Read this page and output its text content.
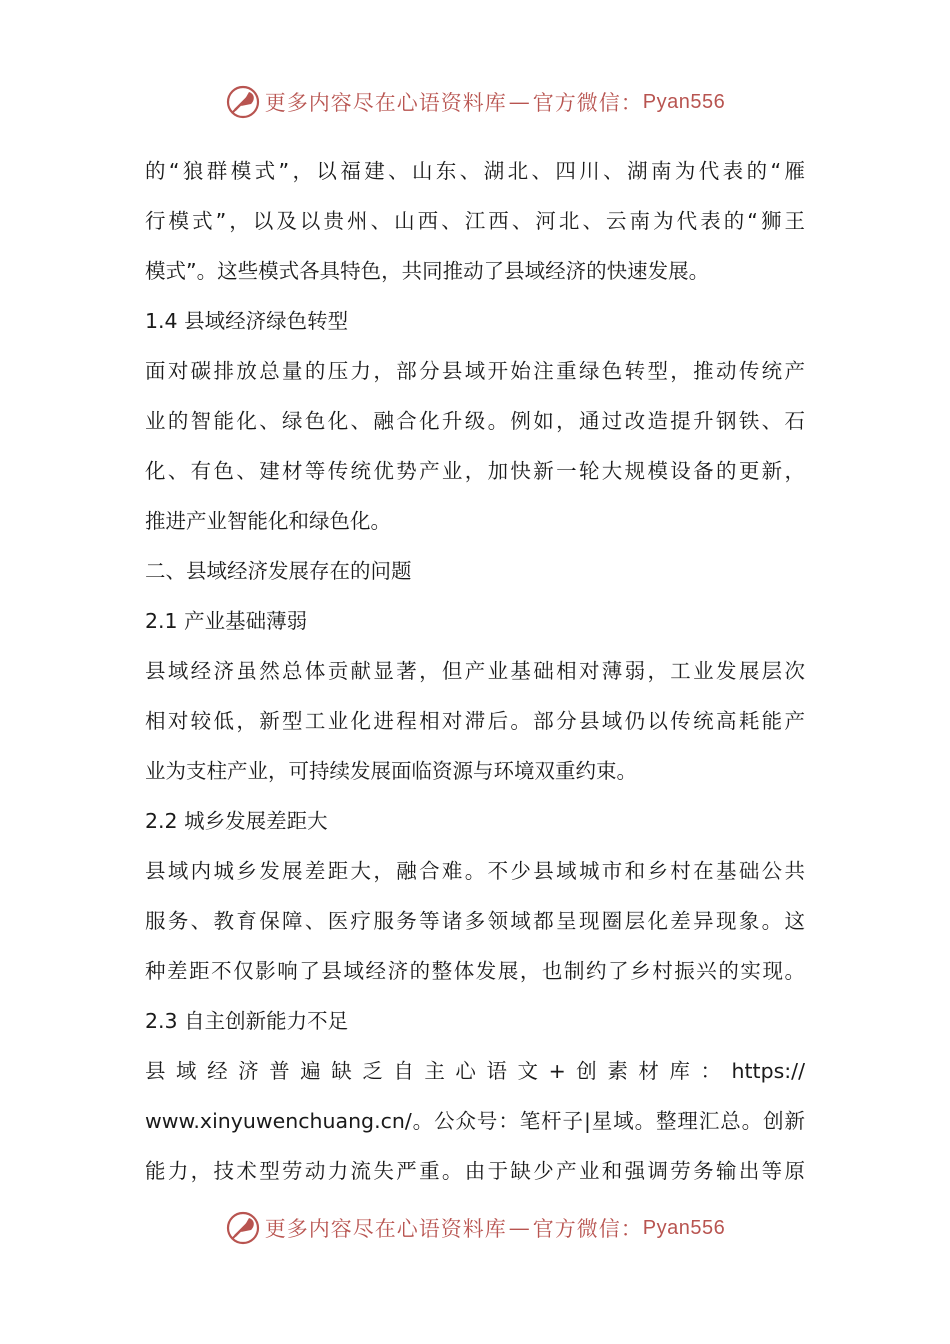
更多内容尽在心语资料库 — 官方微信： Pyan556
的“狼群模式”，以福建、山东、湖北、四川、湖南为代表的“雁
行模式”，以及以贵州、山西、江西、河北、云南为代表的“狮王
模式”。这些模式各具特色，共同推动了县域经济的快速发展。
1.4 县域经济绿色转型
面对碳排放总量的压力，部分县域开始注重绿色转型，推动传统产
业的智能化、绿色化、融合化升级。例如，通过改造提升钢铁、石
化、有色、建材等传统优势产业，加快新一轮大规模设备的更新，
推进产业智能化和绿色化。
二、县域经济发展存在的问题
2.1 产业基础薄弱
县域经济虽然总体贡献显著，但产业基础相对薄弱，工业发展层次
相对较低，新型工业化进程相对滞后。部分县域仍以传统高耗能产
业为支柱产业，可持续发展面临资源与环境双重约束。
2.2 城乡发展差距大
县域内城乡发展差距大，融合难。不少县域城市和乡村在基础公共
服务、教育保障、医疗服务等诸多领域都呈现圈层化差异现象。这
种差距不仅影响了县域经济的整体发展，也制约了乡村振兴的实现。
2.3 自主创新能力不足
县域经济普遍缺乏自主心语文+创素材库：https://
www.xinyuwenchuang.cn/。公众号：笔杆子|星域。整理汇总。创新
能力，技术型劳动力流失严重。由于缺少产业和强调劳务输出等原
更多内容尽在心语资料库 — 官方微信： Pyan556
